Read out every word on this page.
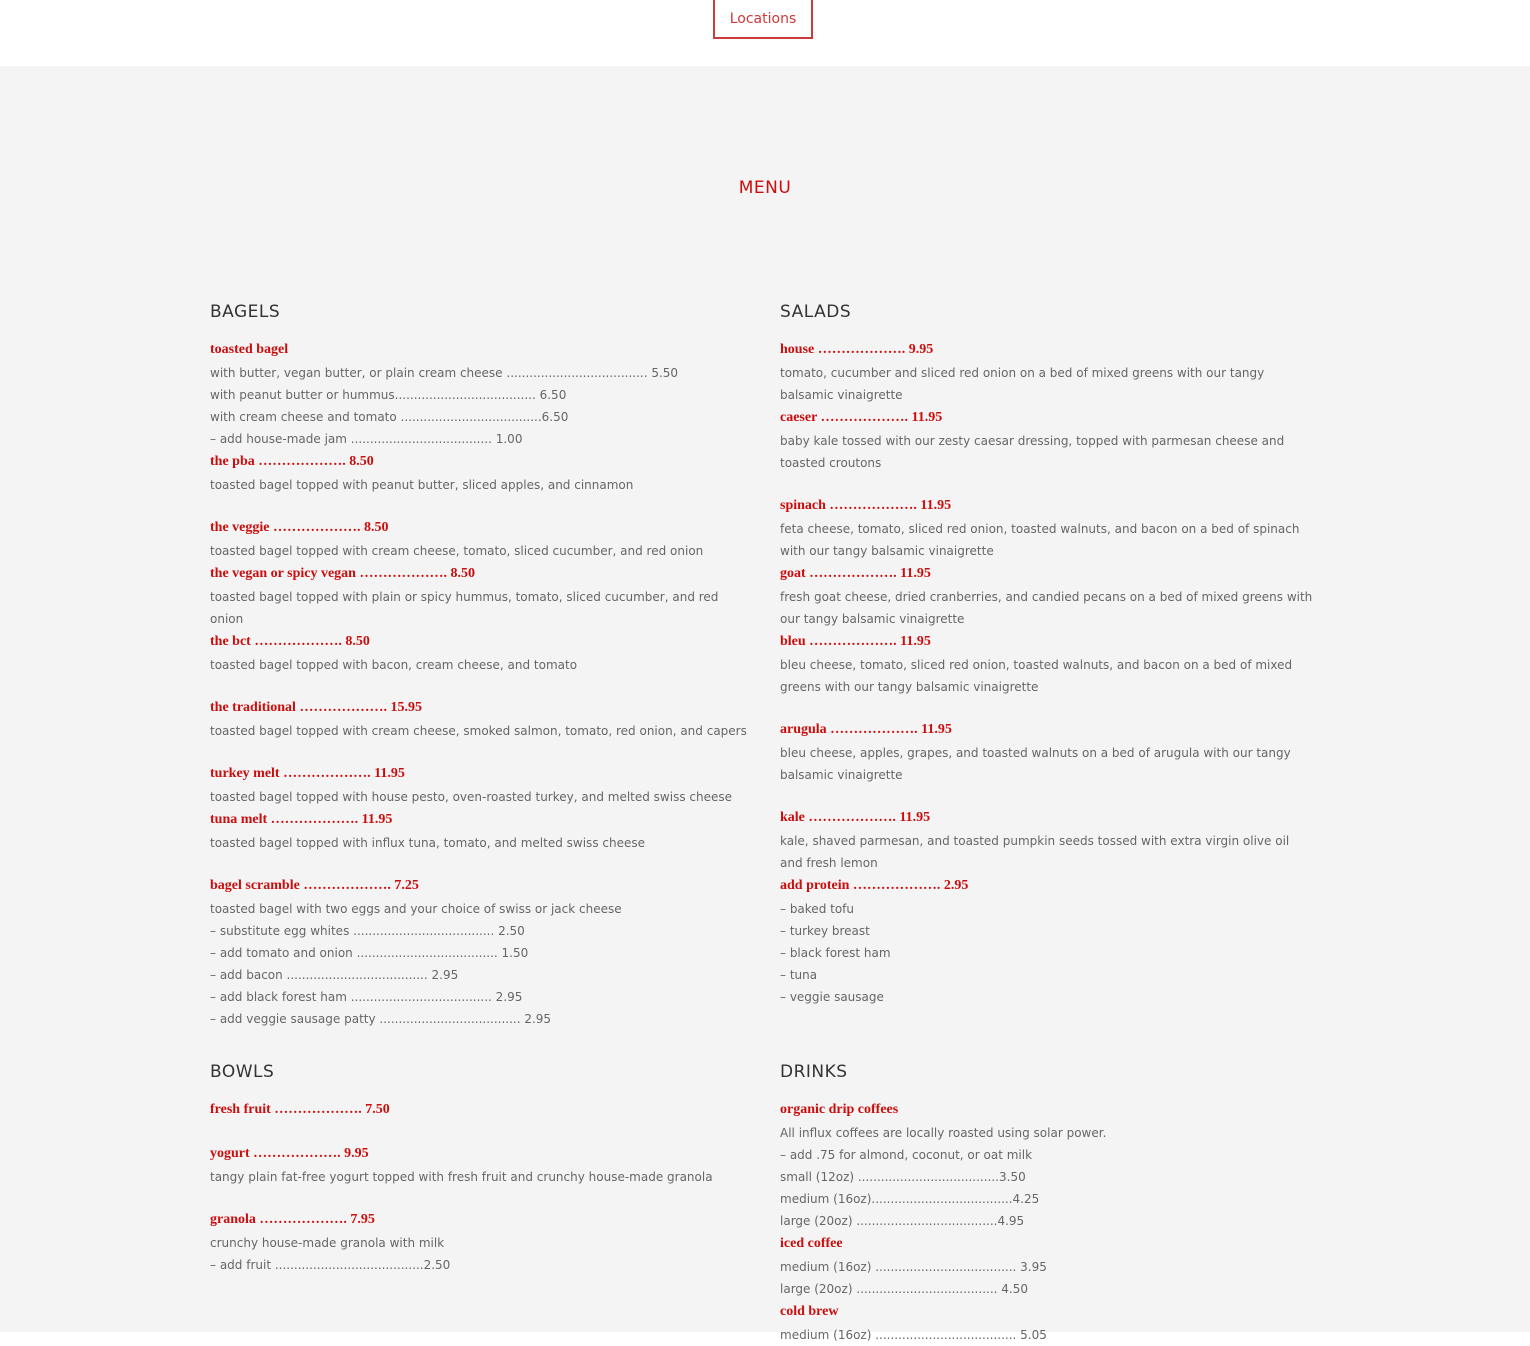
Locations
MENU
BAGELS
toasted bagel
with butter, vegan butter, or plain cream cheese ..................................... 5.50
with peanut butter or hummus..................................... 6.50
with cream cheese and tomato .....................................6.50
– add house-made jam ..................................... 1.00
the pba ………………. 8.50
toasted bagel topped with peanut butter, sliced apples, and cinnamon
the veggie ………………. 8.50
toasted bagel topped with cream cheese, tomato, sliced cucumber, and red onion
the vegan or spicy vegan ………………. 8.50
toasted bagel topped with plain or spicy hummus, tomato, sliced cucumber, and red onion
the bct ………………. 8.50
toasted bagel topped with bacon, cream cheese, and tomato
the traditional ………………. 15.95
toasted bagel topped with cream cheese, smoked salmon, tomato, red onion, and capers
turkey melt ………………. 11.95
toasted bagel topped with house pesto, oven-roasted turkey, and melted swiss cheese
tuna melt ………………. 11.95
toasted bagel topped with influx tuna, tomato, and melted swiss cheese
bagel scramble ………………. 7.25
toasted bagel with two eggs and your choice of swiss or jack cheese
– substitute egg whites ..................................... 2.50
– add tomato and onion ..................................... 1.50
– add bacon ..................................... 2.95
– add black forest ham ..................................... 2.95
– add veggie sausage patty ..................................... 2.95
SALADS
house ………………. 9.95
tomato, cucumber and sliced red onion on a bed of mixed greens with our tangy balsamic vinaigrette
caeser ………………. 11.95
baby kale tossed with our zesty caesar dressing, topped with parmesan cheese and toasted croutons
spinach ………………. 11.95
feta cheese, tomato, sliced red onion, toasted walnuts, and bacon on a bed of spinach with our tangy balsamic vinaigrette
goat ………………. 11.95
fresh goat cheese, dried cranberries, and candied pecans on a bed of mixed greens with our tangy balsamic vinaigrette
bleu ………………. 11.95
bleu cheese, tomato, sliced red onion, toasted walnuts, and bacon on a bed of mixed greens with our tangy balsamic vinaigrette
arugula ………………. 11.95
bleu cheese, apples, grapes, and toasted walnuts on a bed of arugula with our tangy balsamic vinaigrette
kale ………………. 11.95
kale, shaved parmesan, and toasted pumpkin seeds tossed with extra virgin olive oil and fresh lemon
add protein ………………. 2.95
– baked tofu
– turkey breast
– black forest ham
– tuna
– veggie sausage
BOWLS
fresh fruit ………………. 7.50
yogurt ………………. 9.95
tangy plain fat-free yogurt topped with fresh fruit and crunchy house-made granola
granola ………………. 7.95
crunchy house-made granola with milk
– add fruit .......................................2.50
DRINKS
organic drip coffees
All influx coffees are locally roasted using solar power.
– add .75 for almond, coconut, or oat milk
small (12oz) .....................................3.50
medium (16oz).....................................4.25
large (20oz) .....................................4.95
iced coffee
medium (16oz) ..................................... 3.95
large (20oz) ..................................... 4.50
cold brew
medium (16oz) ..................................... 5.05
